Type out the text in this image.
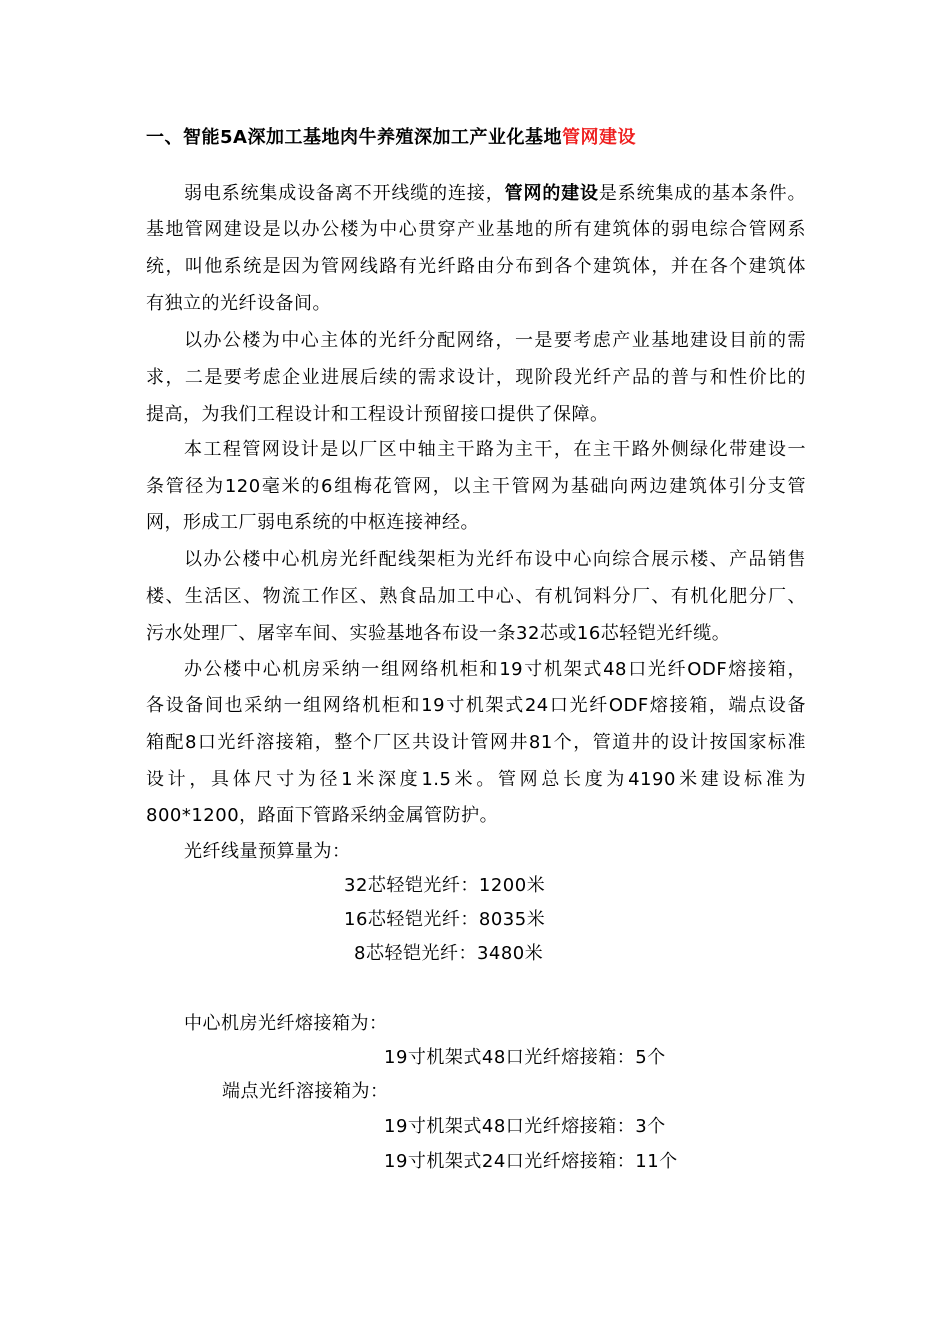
一、智能5A深加工基地肉牛养殖深加工产业化基地管网建设
弱电系统集成设备离不开线缆的连接，管网的建设是系统集成的基本条件。
基地管网建设是以办公楼为中心贯穿产业基地的所有建筑体的弱电综合管网系
统，叫他系统是因为管网线路有光纤路由分布到各个建筑体，并在各个建筑体
有独立的光纤设备间。
以办公楼为中心主体的光纤分配网络，一是要考虑产业基地建设目前的需
求，二是要考虑企业进展后续的需求设计，现阶段光纤产品的普与和性价比的
提高，为我们工程设计和工程设计预留接口提供了保障。
本工程管网设计是以厂区中轴主干路为主干，在主干路外侧绿化带建设一
条管径为120毫米的6组梅花管网，以主干管网为基础向两边建筑体引分支管
网，形成工厂弱电系统的中枢连接神经。
以办公楼中心机房光纤配线架柜为光纤布设中心向综合展示楼、产品销售
楼、生活区、物流工作区、熟食品加工中心、有机饲料分厂、有机化肥分厂、
污水处理厂、屠宰车间、实验基地各布设一条32芯或16芯轻铠光纤缆。
办公楼中心机房采纳一组网络机柜和19寸机架式48口光纤ODF熔接箱，
各设备间也采纳一组网络机柜和19寸机架式24口光纤ODF熔接箱，端点设备
箱配8口光纤溶接箱，整个厂区共设计管网井81个，管道井的设计按国家标准
设计，具体尺寸为径1米深度1.5米。管网总长度为4190米建设标准为
800*1200，路面下管路采纳金属管防护。
光纤线量预算量为：
32芯轻铠光纤：1200米
16芯轻铠光纤：8035米
8芯轻铠光纤：3480米
中心机房光纤熔接箱为：
19寸机架式48口光纤熔接箱：5个
端点光纤溶接箱为：
19寸机架式48口光纤熔接箱：3个
19寸机架式24口光纤熔接箱：11个
